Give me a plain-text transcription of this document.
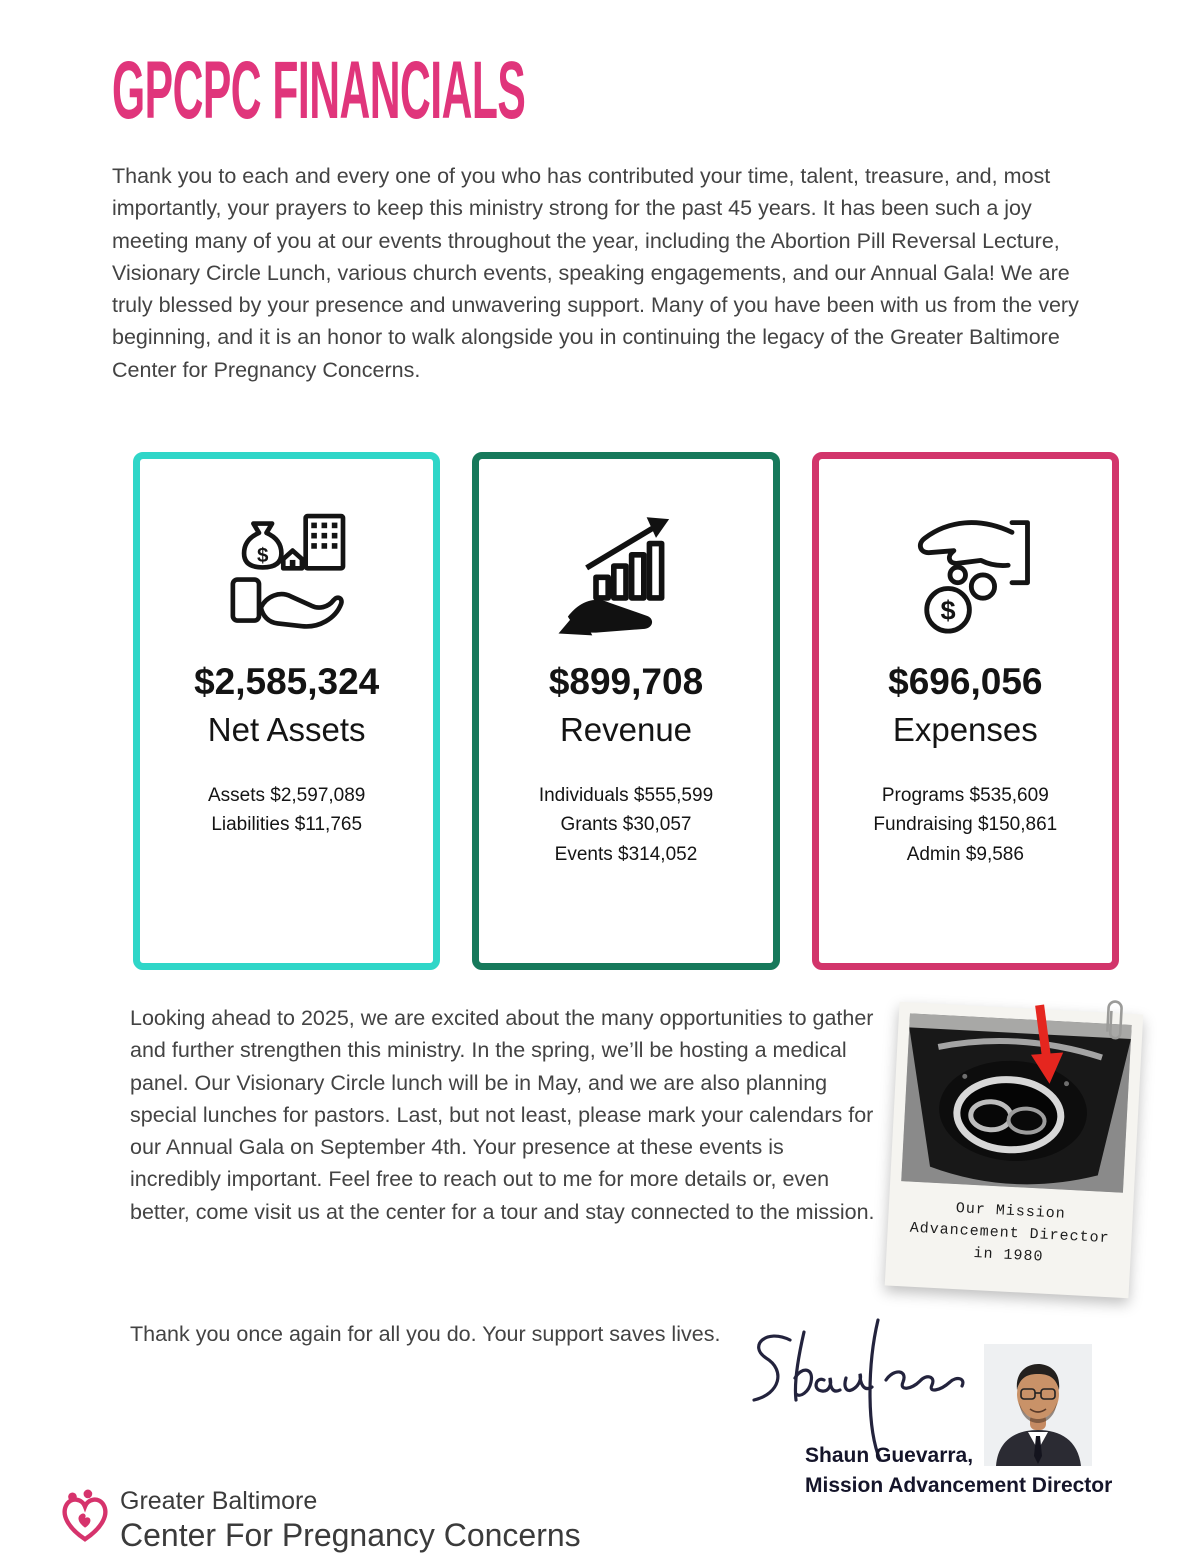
GPCPC FINANCIALS

Thank you to each and every one of you who has contributed your time, talent, treasure, and, most importantly, your prayers to keep this ministry strong for the past 45 years. It has been such a joy meeting many of you at our events throughout the year, including the Abortion Pill Reversal Lecture, Visionary Circle Lunch, various church events, speaking engagements, and our Annual Gala! We are truly blessed by your presence and unwavering support. Many of you have been with us from the very beginning, and it is an honor to walk alongside you in continuing the legacy of the Greater Baltimore Center for Pregnancy Concerns.

$
$2,585,324
Net Assets
Assets $2,597,089
Liabilities $11,765
$899,708
Revenue
Individuals $555,599
Grants $30,057
Events $314,052
$
$696,056
Expenses
Programs $535,609
Fundraising $150,861
Admin $9,586

Looking ahead to 2025, we are excited about the many opportunities to gather and further strengthen this ministry. In the spring, we’ll be hosting a medical panel. Our Visionary Circle lunch will be in May, and we are also planning special lunches for pastors. Last, but not least, please mark your calendars for our Annual Gala on September 4th. Your presence at these events is incredibly important. Feel free to reach out to me for more details or, even better, come visit us at the center for a tour and stay connected to the mission.	Our Mission
Advancement Director
in 1980

Thank you once again for all you do. Your support saves lives.

Shaun Guevarra,
Mission Advancement Director
Greater Baltimore
Center For Pregnancy Concerns
